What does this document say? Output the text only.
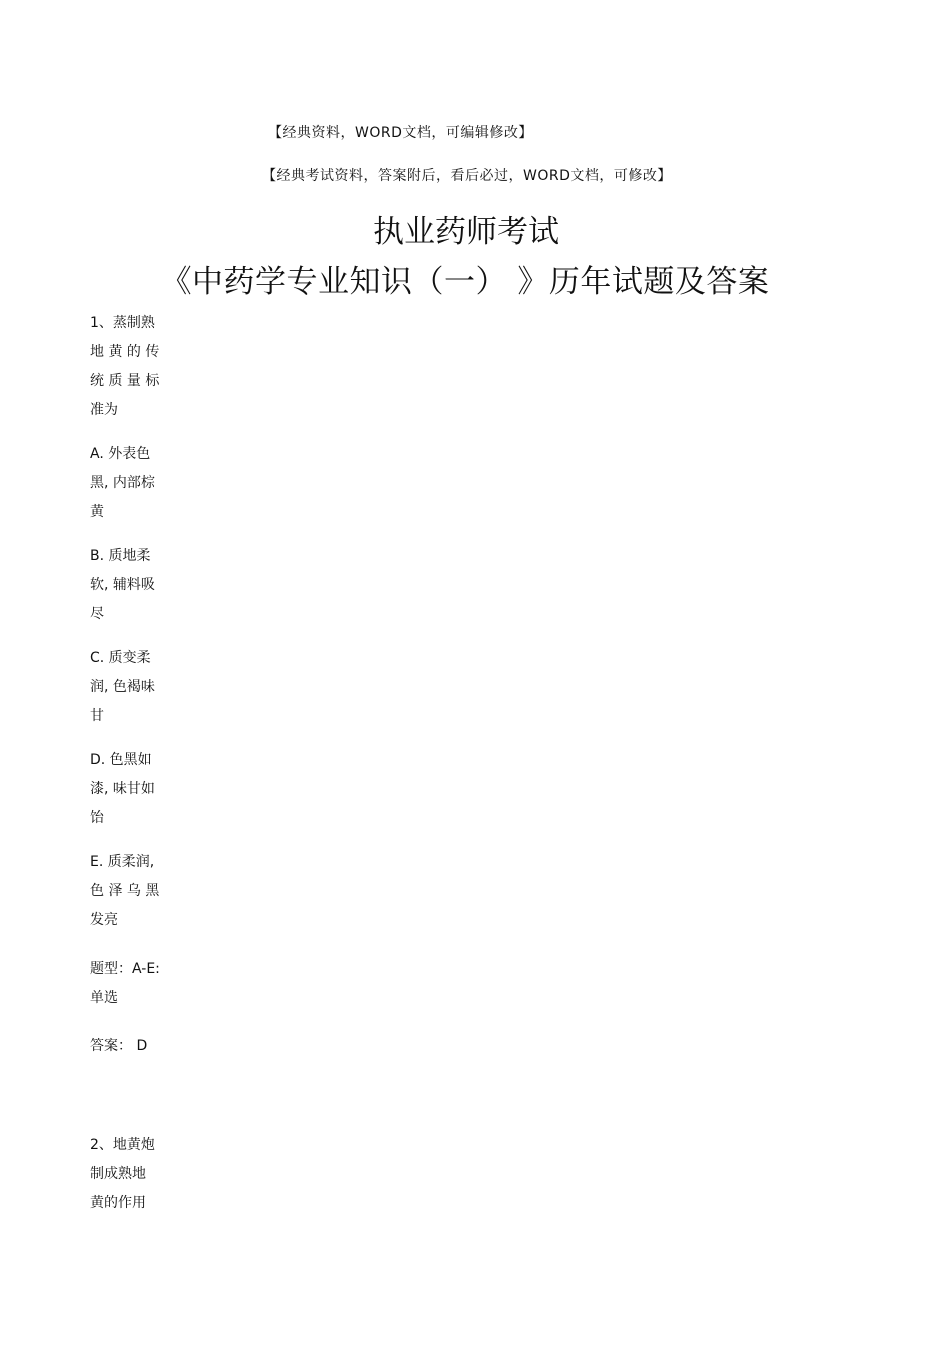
【经典资料，WORD文档，可编辑修改】
【经典考试资料，答案附后，看后必过，WORD文档，可修改】
执业药师考试
《中药学专业知识（一） 》历年试题及答案
1、蒸制熟
地 黄 的 传
统 质 量 标
准为
A. 外表色
黑, 内部棕
黄
B. 质地柔
软, 辅料吸
尽
C. 质变柔
润, 色褐味
甘
D. 色黑如
漆, 味甘如
饴
E. 质柔润,
色 泽 乌 黑
发亮
题型：A-E:
单选
答案： D
2、地黄炮
制成熟地
黄的作用
